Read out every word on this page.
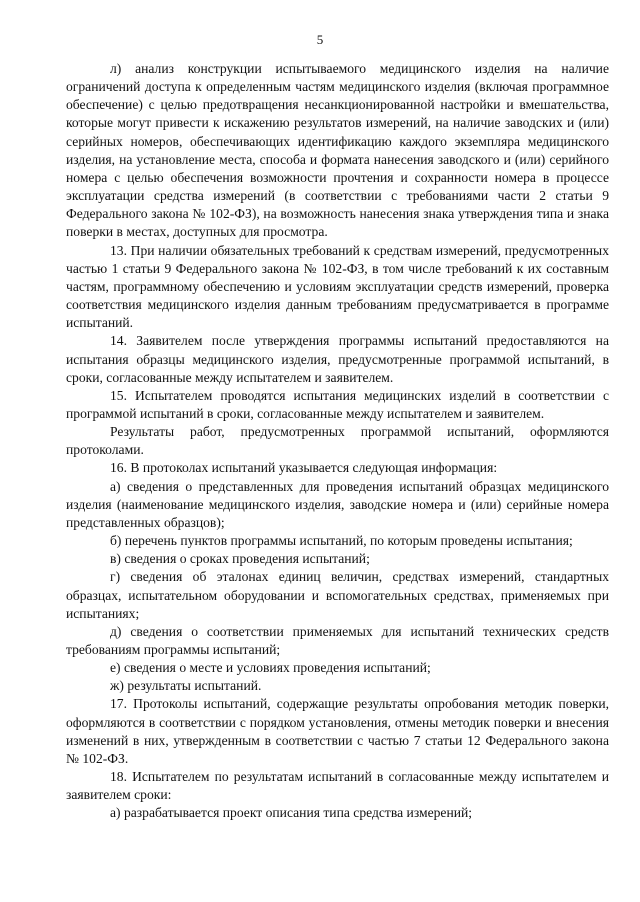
5

л) анализ конструкции испытываемого медицинского изделия на наличие ограничений доступа к определенным частям медицинского изделия (включая программное обеспечение) с целью предотвращения несанкционированной настройки и вмешательства, которые могут привести к искажению результатов измерений, на наличие заводских и (или) серийных номеров, обеспечивающих идентификацию каждого экземпляра медицинского изделия, на установление места, способа и формата нанесения заводского и (или) серийного номера с целью обеспечения возможности прочтения и сохранности номера в процессе эксплуатации средства измерений (в соответствии с требованиями части 2 статьи 9 Федерального закона № 102-ФЗ), на возможность нанесения знака утверждения типа и знака поверки в местах, доступных для просмотра.

13. При наличии обязательных требований к средствам измерений, предусмотренных частью 1 статьи 9 Федерального закона № 102-ФЗ, в том числе требований к их составным частям, программному обеспечению и условиям эксплуатации средств измерений, проверка соответствия медицинского изделия данным требованиям предусматривается в программе испытаний.

14. Заявителем после утверждения программы испытаний предоставляются на испытания образцы медицинского изделия, предусмотренные программой испытаний, в сроки, согласованные между испытателем и заявителем.

15. Испытателем проводятся испытания медицинских изделий в соответствии с программой испытаний в сроки, согласованные между испытателем и заявителем.

Результаты работ, предусмотренных программой испытаний, оформляются протоколами.

16. В протоколах испытаний указывается следующая информация:

а) сведения о представленных для проведения испытаний образцах медицинского изделия (наименование медицинского изделия, заводские номера и (или) серийные номера представленных образцов);

б) перечень пунктов программы испытаний, по которым проведены испытания;

в) сведения о сроках проведения испытаний;

г) сведения об эталонах единиц величин, средствах измерений, стандартных образцах, испытательном оборудовании и вспомогательных средствах, применяемых при испытаниях;

д) сведения о соответствии применяемых для испытаний технических средств требованиям программы испытаний;

е) сведения о месте и условиях проведения испытаний;

ж) результаты испытаний.

17. Протоколы испытаний, содержащие результаты опробования методик поверки, оформляются в соответствии с порядком установления, отмены методик поверки и внесения изменений в них, утвержденным в соответствии с частью 7 статьи 12 Федерального закона № 102-ФЗ.

18. Испытателем по результатам испытаний в согласованные между испытателем и заявителем сроки:

а) разрабатывается проект описания типа средства измерений;
